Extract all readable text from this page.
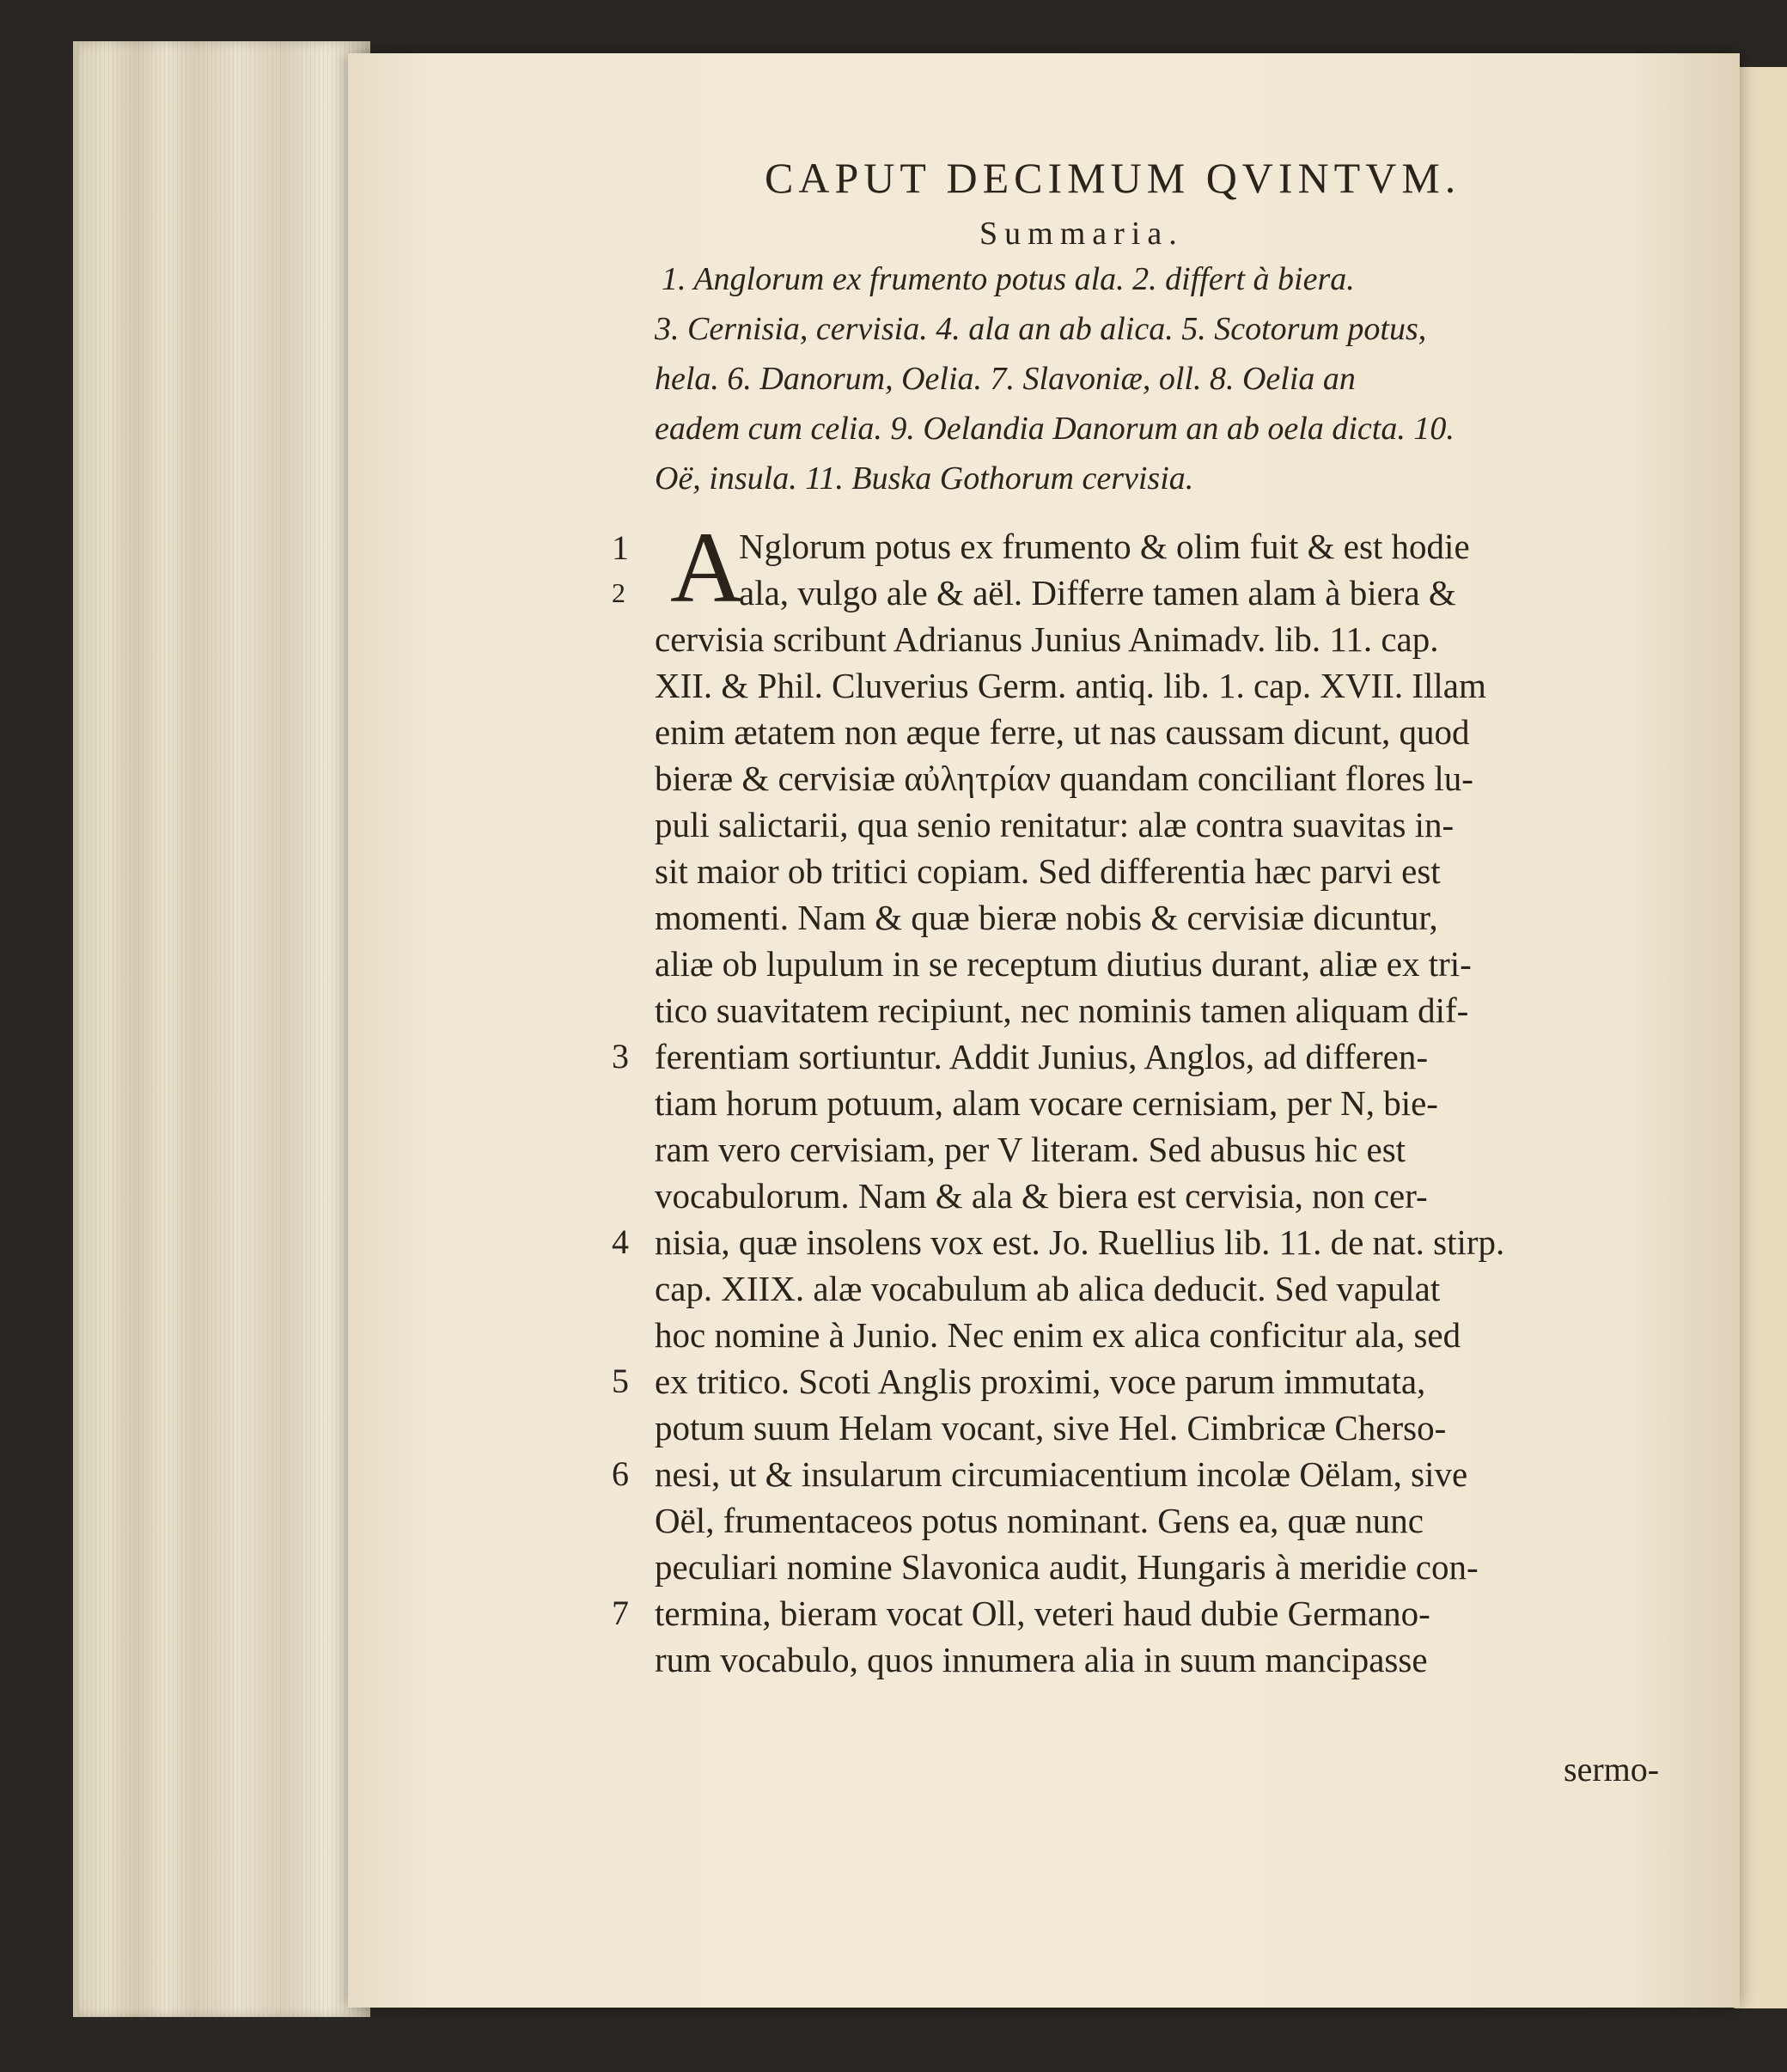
CAPUT DECIMUM QVINTVM.
Summaria.
1. Anglorum ex frumento potus ala. 2. differt à biera.
3. Cernisia, cervisia. 4. ala an ab alica. 5. Scotorum potus,
hela. 6. Danorum, Oelia. 7. Slavoniæ, oll. 8. Oelia an
eadem cum celia. 9. Oelandia Danorum an ab oela dicta. 10.
Oë, insula. 11. Buska Gothorum cervisia.
A
Nglorum potus ex frumento & olim fuit & est hodie
ala, vulgo ale & aël. Differre tamen alam à biera &
cervisia scribunt Adrianus Junius Animadv. lib. 11. cap.
XII. & Phil. Cluverius Germ. antiq. lib. 1. cap. XVII. Illam
enim ætatem non æque ferre, ut nas caussam dicunt, quod
bieræ & cervisiæ αὐλητρίαν quandam conciliant flores lu-
puli salictarii, qua senio renitatur: alæ contra suavitas in-
sit maior ob tritici copiam. Sed differentia hæc parvi est
momenti. Nam & quæ bieræ nobis & cervisiæ dicuntur,
aliæ ob lupulum in se receptum diutius durant, aliæ ex tri-
tico suavitatem recipiunt, nec nominis tamen aliquam dif-
ferentiam sortiuntur. Addit Junius, Anglos, ad differen-
tiam horum potuum, alam vocare cernisiam, per N, bie-
ram vero cervisiam, per V literam. Sed abusus hic est
vocabulorum. Nam & ala & biera est cervisia, non cer-
nisia, quæ insolens vox est. Jo. Ruellius lib. 11. de nat. stirp.
cap. XIIX. alæ vocabulum ab alica deducit. Sed vapulat
hoc nomine à Junio. Nec enim ex alica conficitur ala, sed
ex tritico. Scoti Anglis proximi, voce parum immutata,
potum suum Helam vocant, sive Hel. Cimbricæ Cherso-
nesi, ut & insularum circumiacentium incolæ Oëlam, sive
Oël, frumentaceos potus nominant. Gens ea, quæ nunc
peculiari nomine Slavonica audit, Hungaris à meridie con-
termina, bieram vocat Oll, veteri haud dubie Germano-
rum vocabulo, quos innumera alia in suum mancipasse
1
2
3
4
5
6
7
sermo-
